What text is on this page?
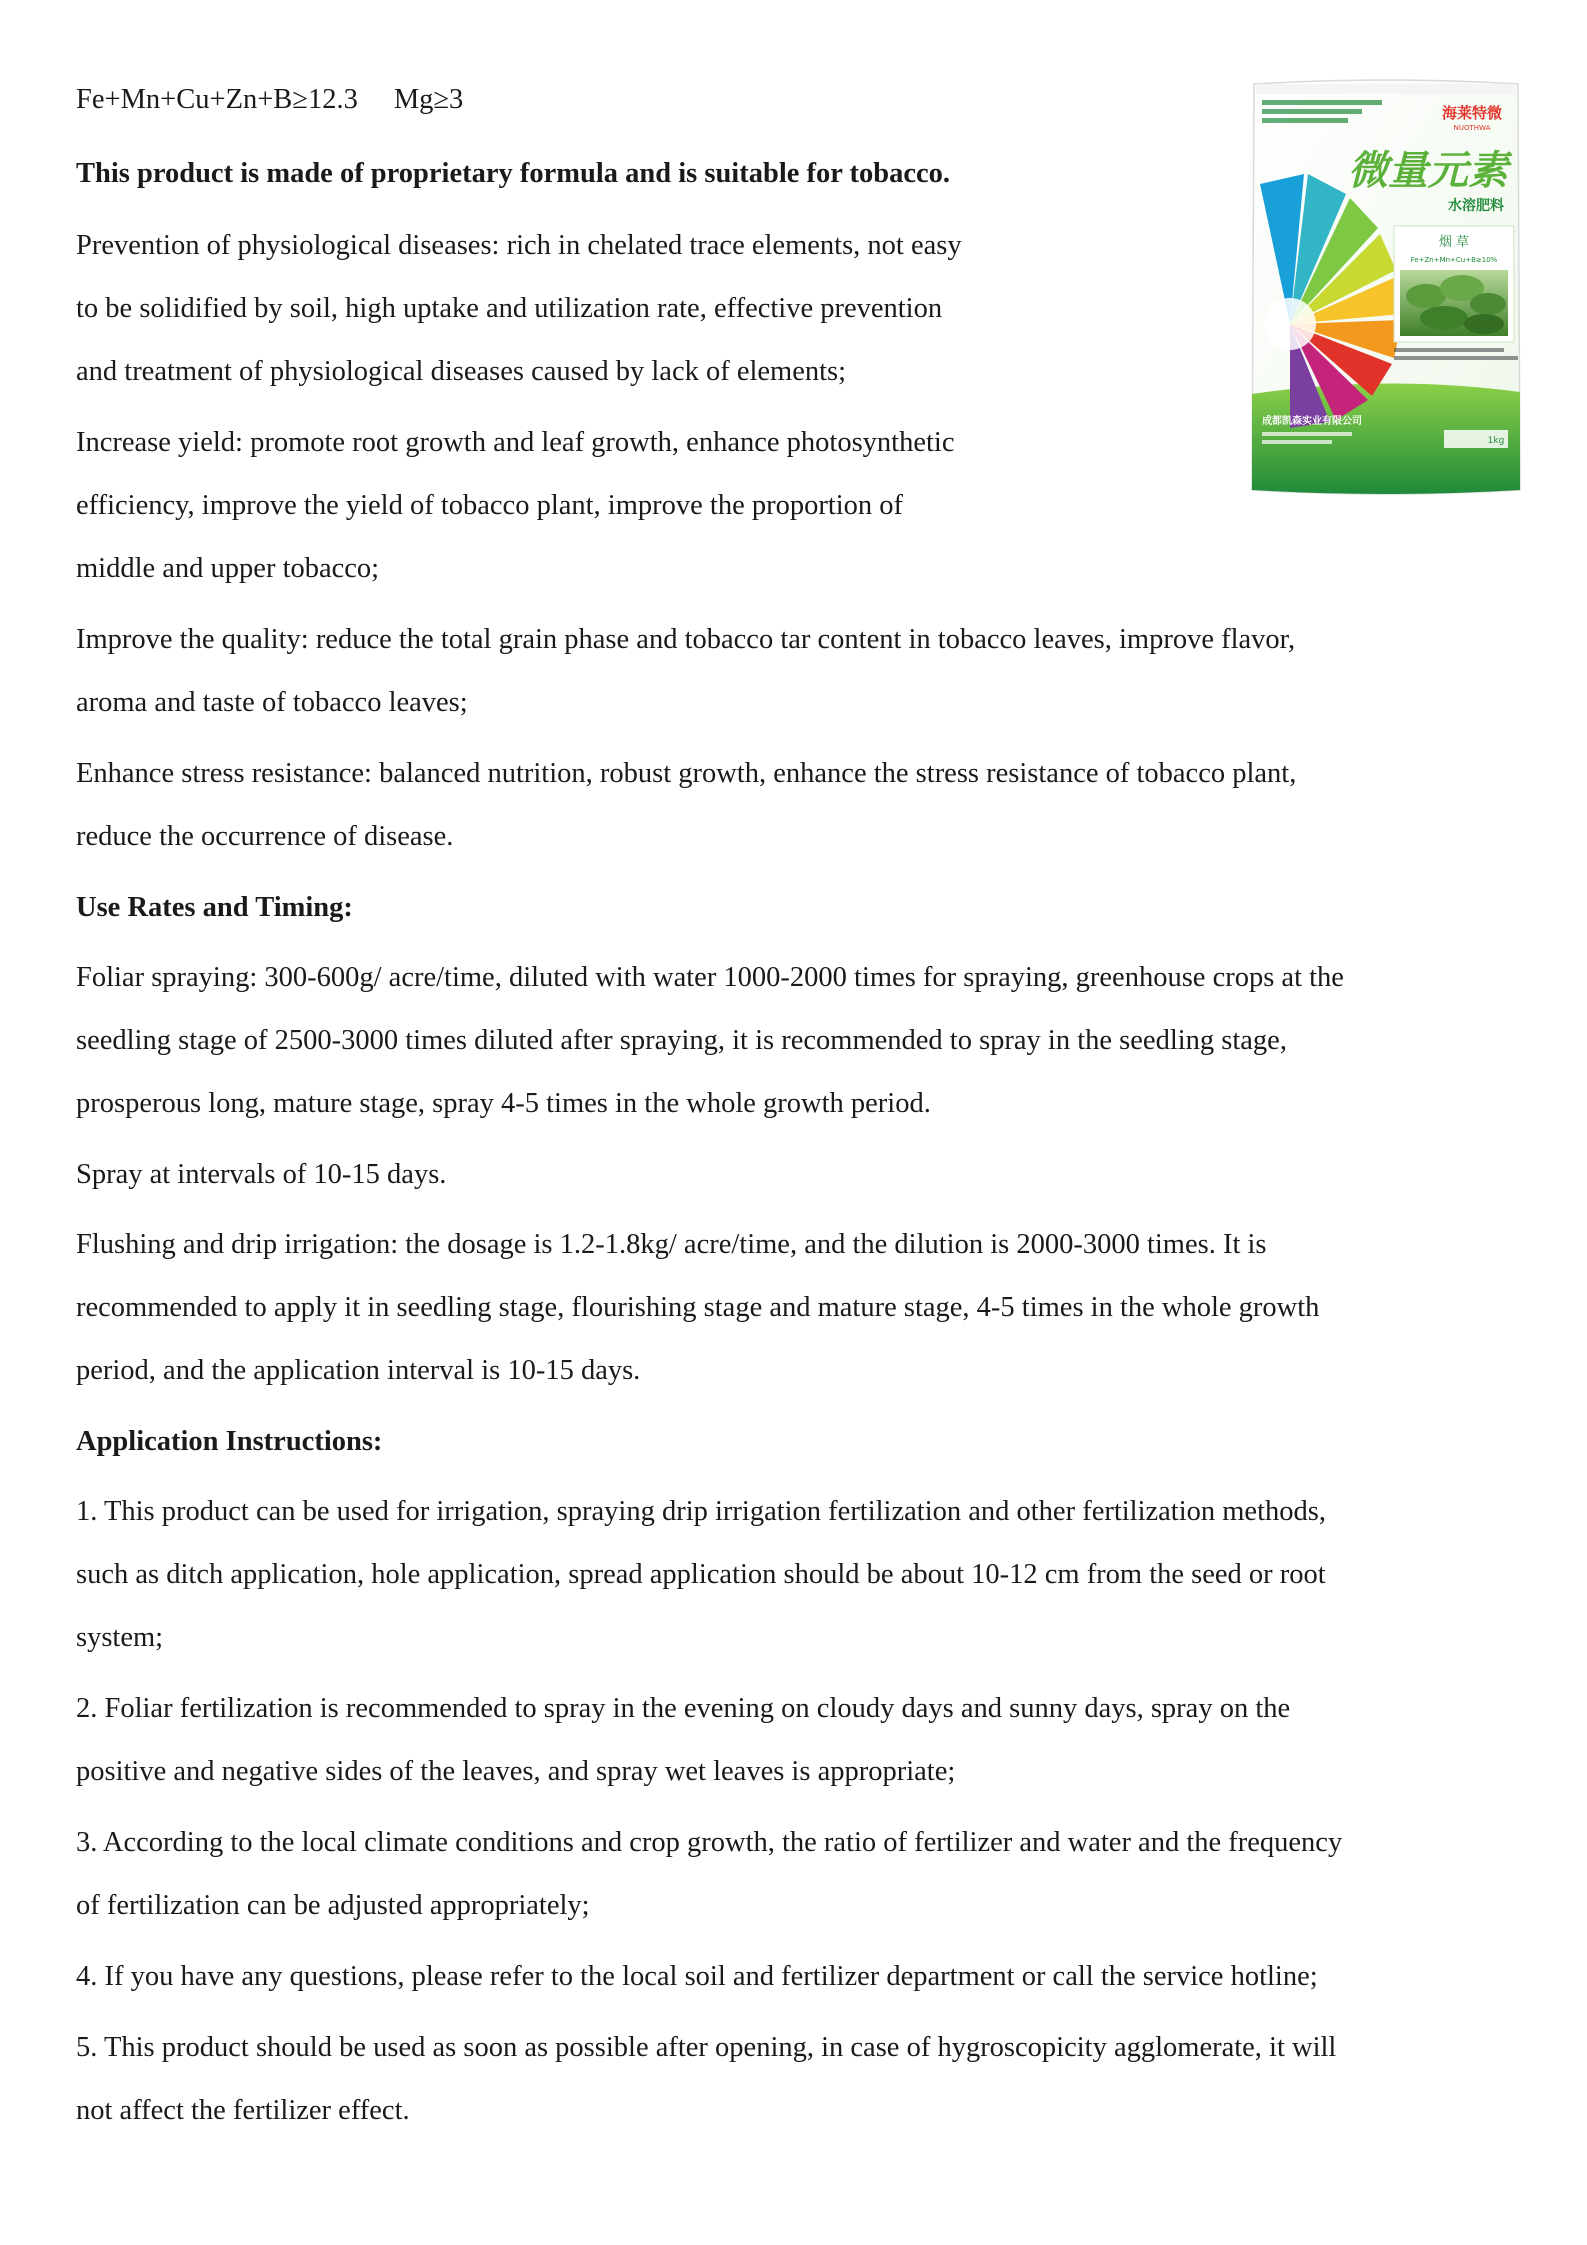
Fe+Mn+Cu+Zn+B≥12.3 Mg≥3

This product is made of proprietary formula and is suitable for tobacco.

Prevention of physiological diseases: rich in chelated trace elements, not easy

to be solidified by soil, high uptake and utilization rate, effective prevention

and treatment of physiological diseases caused by lack of elements;

Increase yield: promote root growth and leaf growth, enhance photosynthetic

efficiency, improve the yield of tobacco plant, improve the proportion of

middle and upper tobacco;

Improve the quality: reduce the total grain phase and tobacco tar content in tobacco leaves, improve flavor,

aroma and taste of tobacco leaves;

Enhance stress resistance: balanced nutrition, robust growth, enhance the stress resistance of tobacco plant,

reduce the occurrence of disease.

Use Rates and Timing:

Foliar spraying: 300-600g/ acre/time, diluted with water 1000-2000 times for spraying, greenhouse crops at the

seedling stage of 2500-3000 times diluted after spraying, it is recommended to spray in the seedling stage,

prosperous long, mature stage, spray 4-5 times in the whole growth period.

Spray at intervals of 10-15 days.

Flushing and drip irrigation: the dosage is 1.2-1.8kg/ acre/time, and the dilution is 2000-3000 times. It is

recommended to apply it in seedling stage, flourishing stage and mature stage, 4-5 times in the whole growth

period, and the application interval is 10-15 days.

Application Instructions:

1. This product can be used for irrigation, spraying drip irrigation fertilization and other fertilization methods,

such as ditch application, hole application, spread application should be about 10-12 cm from the seed or root

system;

2. Foliar fertilization is recommended to spray in the evening on cloudy days and sunny days, spray on the

positive and negative sides of the leaves, and spray wet leaves is appropriate;

3. According to the local climate conditions and crop growth, the ratio of fertilizer and water and the frequency

of fertilization can be adjusted appropriately;

4. If you have any questions, please refer to the local soil and fertilizer department or call the service hotline;

5. This product should be used as soon as possible after opening, in case of hygroscopicity agglomerate, it will

not affect the fertilizer effect.

海莱特微
NUOTHWA
微量元素
水溶肥料
烟 草
Fe+Zn+Mn+Cu+B≥10%
成都凯森实业有限公司
1kg
